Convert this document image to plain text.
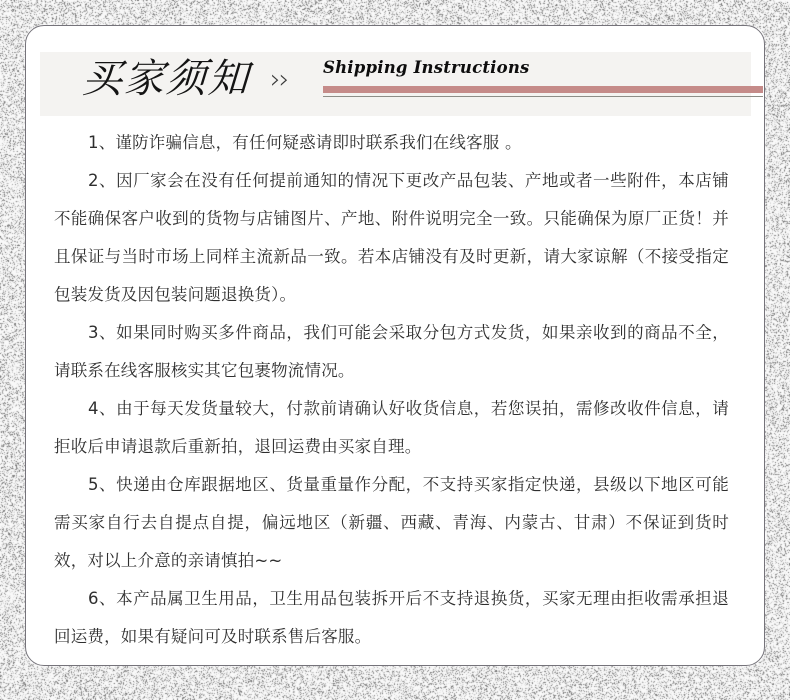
买家须知 ››	Shipping Instructions

1、谨防诈骗信息，有任何疑惑请即时联系我们在线客服 。

2、因厂家会在没有任何提前通知的情况下更改产品包装、产地或者一些附件，本店铺不能确保客户收到的货物与店铺图片、产地、附件说明完全一致。只能确保为原厂正货！并且保证与当时市场上同样主流新品一致。若本店铺没有及时更新，请大家谅解（不接受指定包装发货及因包装问题退换货）。

3、如果同时购买多件商品，我们可能会采取分包方式发货，如果亲收到的商品不全，请联系在线客服核实其它包裹物流情况。

4、由于每天发货量较大，付款前请确认好收货信息，若您误拍，需修改收件信息，请拒收后申请退款后重新拍，退回运费由买家自理。

5、快递由仓库跟据地区、货量重量作分配，不支持买家指定快递，县级以下地区可能需买家自行去自提点自提，偏远地区（新疆、西藏、青海、内蒙古、甘肃）不保证到货时效，对以上介意的亲请慎拍~~

6、本产品属卫生用品，卫生用品包装拆开后不支持退换货，买家无理由拒收需承担退回运费，如果有疑问可及时联系售后客服。
